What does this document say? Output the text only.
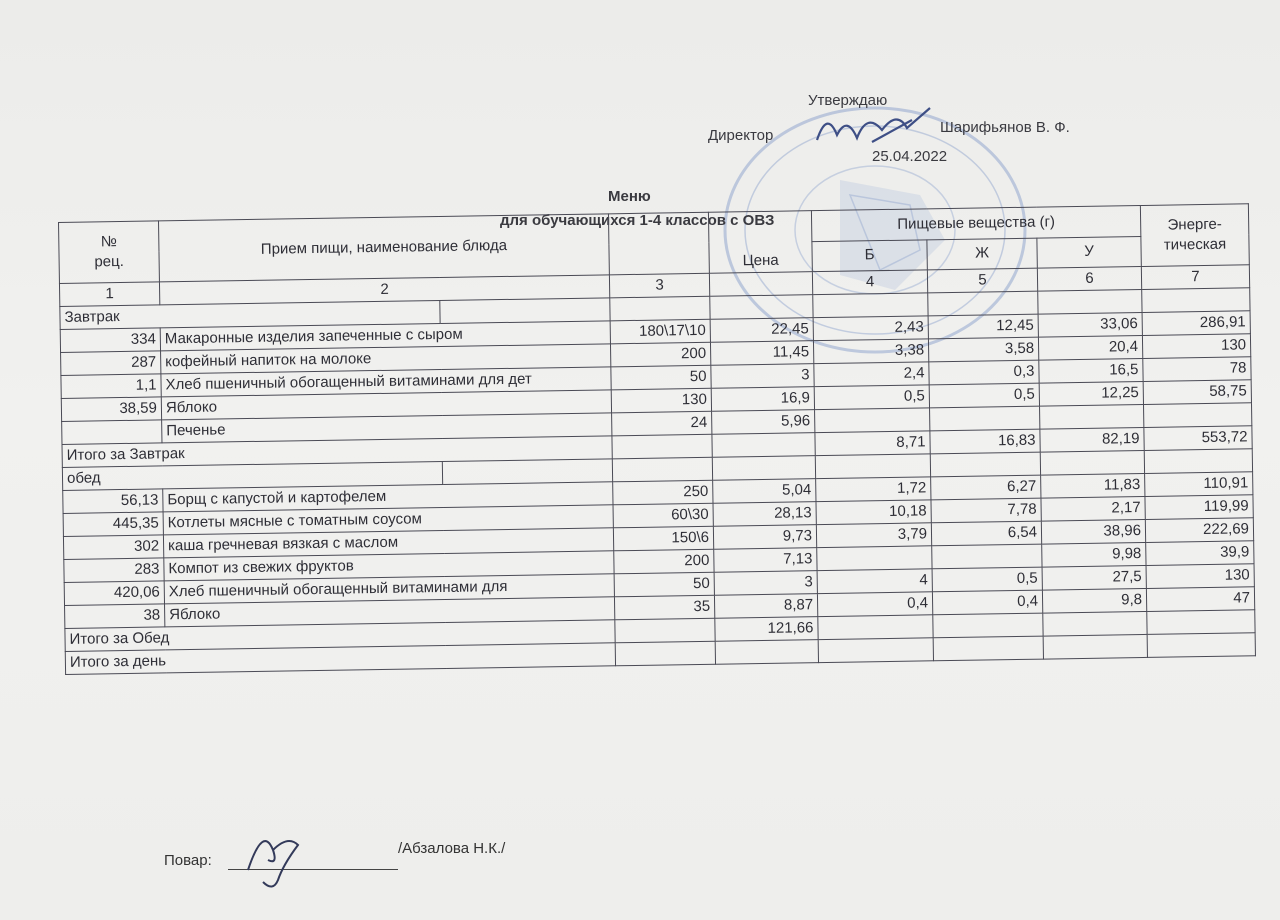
Утверждаю
Директор	Шарифьянов В. Ф.
25.04.2022
Меню
для обучающихся 1-4 классов с ОВЗ
№
рец.	Прием пищи, наименование блюда			Цена	Пищевые вещества (г)			Энерге-
тическая
					Б	Ж	У	
1	2		3		4	5	6	7
Завтрак								
334	Макаронные изделия запеченные с сыром		180\17\10	22,45	2,43	12,45	33,06	286,91
287	кофейный напиток на молоке		200	11,45	3,38	3,58	20,4	130
1,1	Хлеб пшеничный обогащенный витаминами для дет		50	3	2,4	0,3	16,5	78
38,59	Яблоко		130	16,9	0,5	0,5	12,25	58,75
	Печенье		24	5,96				
Итого за Завтрак					8,71	16,83	82,19	553,72
обед								
56,13	Борщ с капустой и картофелем		250	5,04	1,72	6,27	11,83	110,91
445,35	Котлеты мясные с томатным соусом		60\30	28,13	10,18	7,78	2,17	119,99
302	каша гречневая вязкая с маслом		150\6	9,73	3,79	6,54	38,96	222,69
283	Компот из свежих фруктов		200	7,13			9,98	39,9
420,06	Хлеб пшеничный обогащенный витаминами для		50	3	4	0,5	27,5	130
38	Яблоко		35	8,87	0,4	0,4	9,8	47
Итого за Обед				121,66				
Итого за день								
Повар:
/Абзалова Н.К./
